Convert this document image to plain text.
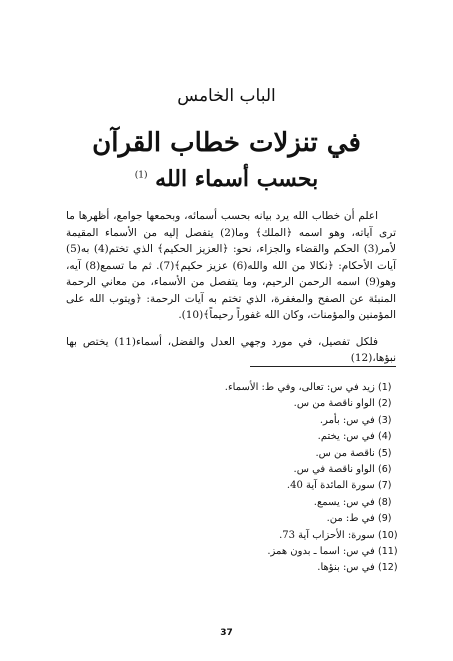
الباب الخامس
في تنزلات خطاب القرآن
بحسب أسماء الله $^{(1)}$

اعلم أن خطاب الله يرد بيانه بحسب أسمائه، وبحمعها جوامع، أظهرها ما ترى آياته، وهو اسمه ﴿الملك﴾ وما(2) يتفصل إليه من الأسماء المقيمة لأمر(3) الحكم والقضاء والجزاء، نحو: ﴿العزيز الحكيم﴾ الذي تختم(4) به(5) آيات الأحكام: ﴿نكالا من الله والله(6) عزيز حكيم﴾(7). ثم ما تسمع(8) آيه، وهو(9) اسمه الرحمن الرحيم، وما يتفصل من الأسماء، من معاني الرحمة المنبئة عن الصفح والمغفرة، الذي تختم به آيات الرحمة: ﴿ويتوب الله على المؤمنين والمؤمنات، وكان الله غفوراً رحيماً﴾(10).

فلكل تفصيل، في مورد وجهي العدل والفضل، أسماء(11) يختص بها نبؤها،(12)

(1) زيد في س: تعالى، وفي ط: الأسماء.
(2) الواو ناقصة من س.
(3) في س: بأمر.
(4) في س: يختم.
(5) ناقصة من س.
(6) الواو ناقصة في س.
(7) سورة المائدة آية 40.
(8) في س: يسمع.
(9) في ط: من.
(10) سورة: الأحزاب آية 73.
(11) في س: اسما ـ بدون همز.
(12) في س: بنؤها.
37
